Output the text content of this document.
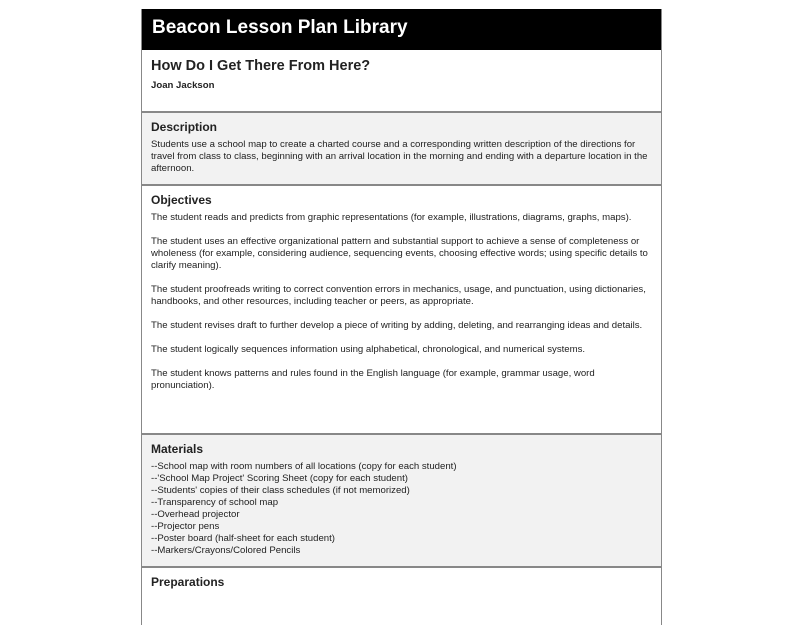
Beacon Lesson Plan Library
How Do I Get There From Here?
Joan Jackson
Description

Students use a school map to create a charted course and a corresponding written description of the directions for travel from class to class, beginning with an arrival location in the morning and ending with a departure location in the afternoon.

Objectives

The student reads and predicts from graphic representations (for example, illustrations, diagrams, graphs, maps).

The student uses an effective organizational pattern and substantial support to achieve a sense of completeness or wholeness (for example, considering audience, sequencing events, choosing effective words; using specific details to clarify meaning).

The student proofreads writing to correct convention errors in mechanics, usage, and punctuation, using dictionaries, handbooks, and other resources, including teacher or peers, as appropriate.

The student revises draft to further develop a piece of writing by adding, deleting, and rearranging ideas and details.

The student logically sequences information using alphabetical, chronological, and numerical systems.

The student knows patterns and rules found in the English language (for example, grammar usage, word pronunciation).

Materials
--School map with room numbers of all locations (copy for each student)
--'School Map Project' Scoring Sheet (copy for each student)
--Students' copies of their class schedules (if not memorized)
--Transparency of school map
--Overhead projector
--Projector pens
--Poster board (half-sheet for each student)
--Markers/Crayons/Colored Pencils
Preparations
